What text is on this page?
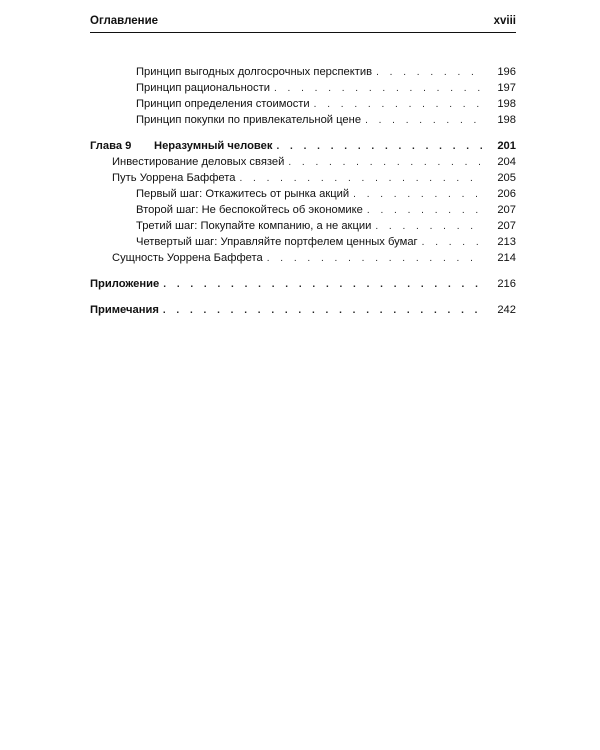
Оглавление	xviii
Принцип выгодных долгосрочных перспектив . . .	196
Принцип рациональности . . .	197
Принцип определения стоимости . . .	198
Принцип покупки по привлекательной цене . . .	198
Глава 9 Неразумный человек . . .	201
Инвестирование деловых связей . . .	204
Путь Уоррена Баффета . . .	205
Первый шаг: Откажитесь от рынка акций . . .	206
Второй шаг: Не беспокойтесь об экономике . . .	207
Третий шаг: Покупайте компанию, а не акции . . .	207
Четвертый шаг: Управляйте портфелем ценных бумаг . . .	213
Сущность Уоррена Баффета . . .	214
Приложение . . .	216
Примечания . . .	242
